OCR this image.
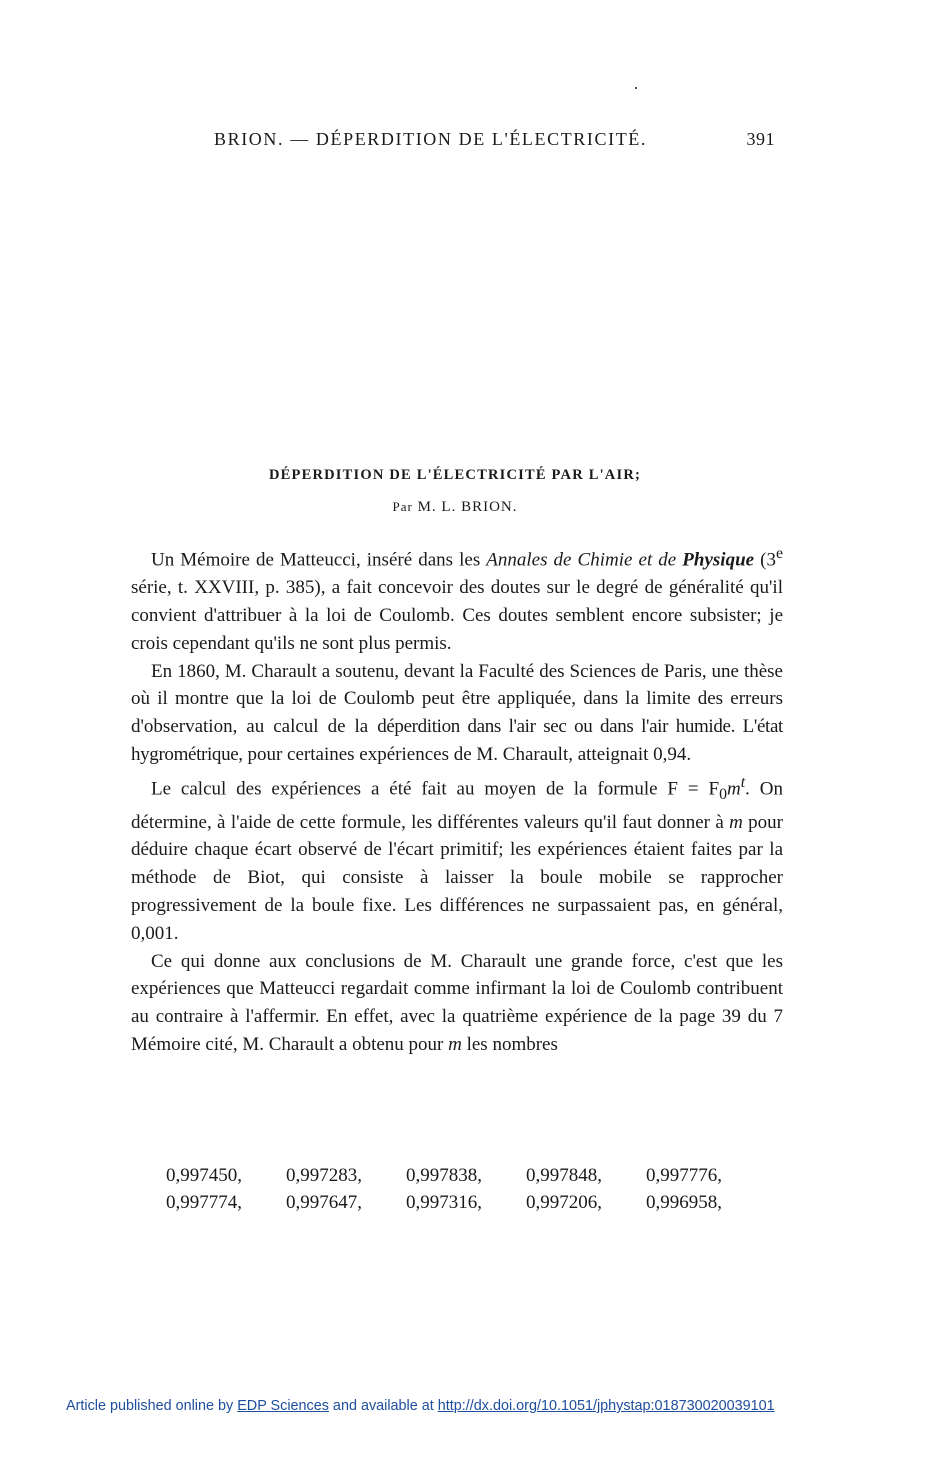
BRION. — DÉPERDITION DE L'ÉLECTRICITÉ.	391
DÉPERDITION DE L'ÉLECTRICITÉ PAR L'AIR;
Par M. L. BRION.

Un Mémoire de Matteucci, inséré dans les Annales de Chimie et de Physique (3e série, t. XXVIII, p. 385), a fait concevoir des doutes sur le degré de généralité qu'il convient d'attribuer à la loi de Coulomb. Ces doutes semblent encore subsister; je crois cependant qu'ils ne sont plus permis.

En 1860, M. Charault a soutenu, devant la Faculté des Sciences de Paris, une thèse où il montre que la loi de Coulomb peut être appliquée, dans la limite des erreurs d'observation, au calcul de la déperdition dans l'air sec ou dans l'air humide. L'état hygrométrique, pour certaines expériences de M. Charault, atteignait 0,94.

Le calcul des expériences a été fait au moyen de la formule $F = F_0m^t$. On détermine, à l'aide de cette formule, les différentes valeurs qu'il faut donner à m pour déduire chaque écart observé de l'écart primitif; les expériences étaient faites par la méthode de Biot, qui consiste à laisser la boule mobile se rapprocher progressivement de la boule fixe. Les différences ne surpassaient pas, en général, 0,001.

Ce qui donne aux conclusions de M. Charault une grande force, c'est que les expériences que Matteucci regardait comme infirmant la loi de Coulomb contribuent au contraire à l'affermir. En effet, avec la quatrième expérience de la page 39 du 7 Mémoire cité, M. Charault a obtenu pour m les nombres

0,997450,	0,997283,	0,997838,	0,997848,	0,997776,
0,997774,	0,997647,	0,997316,	0,997206,	0,996958,
Article published online by EDP Sciences and available at http://dx.doi.org/10.1051/jphystap:018730020039101
